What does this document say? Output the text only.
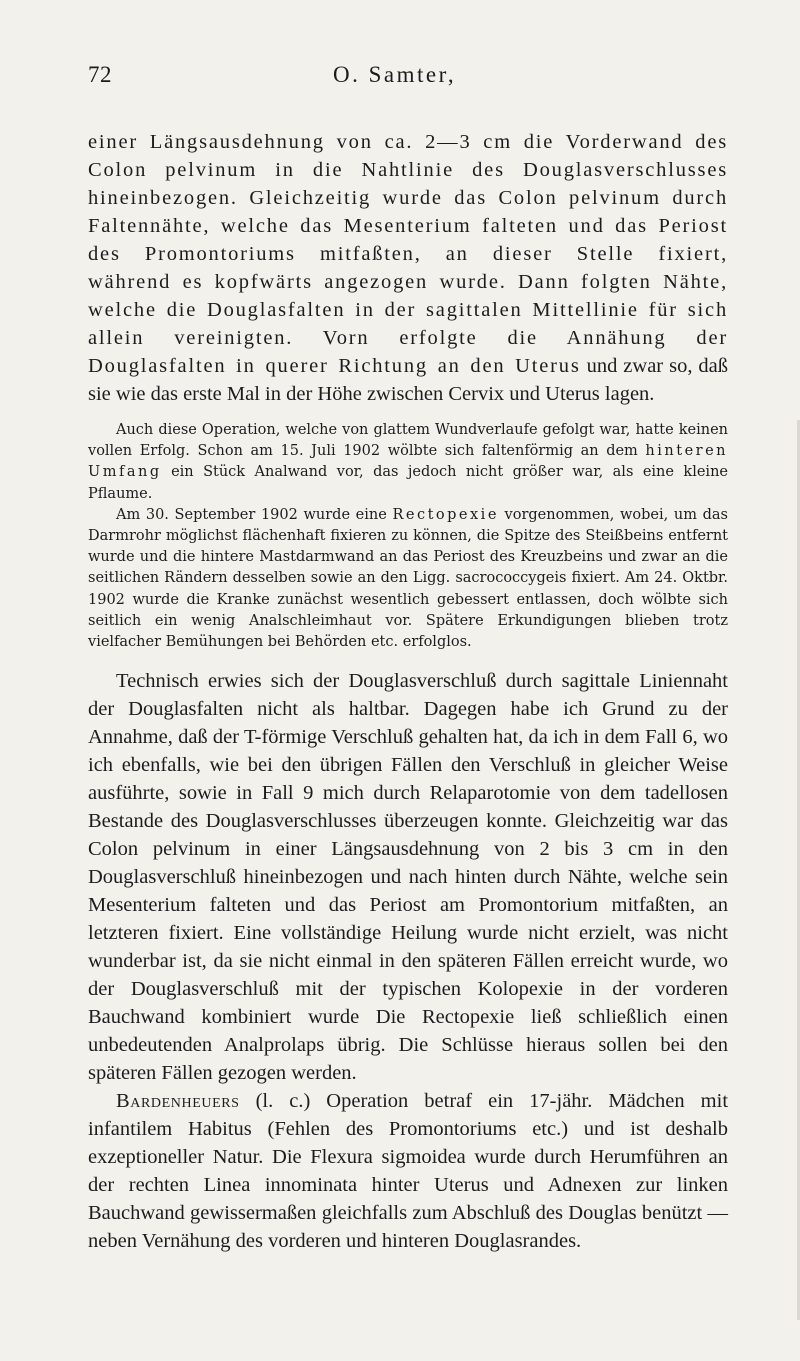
72	O. Samter,

einer Längsausdehnung von ca. 2—3 cm die Vorderwand des Colon pelvinum in die Nahtlinie des Douglasverschlusses hineinbezogen. Gleichzeitig wurde das Colon pelvinum durch Faltennähte, welche das Mesenterium falteten und das Periost des Promontoriums mitfaßten, an dieser Stelle fixiert, während es kopfwärts angezogen wurde. Dann folgten Nähte, welche die Douglasfalten in der sagittalen Mittellinie für sich allein vereinigten. Vorn erfolgte die Annähung der Douglasfalten in querer Richtung an den Uterus und zwar so, daß sie wie das erste Mal in der Höhe zwischen Cervix und Uterus lagen.

Auch diese Operation, welche von glattem Wundverlaufe gefolgt war, hatte keinen vollen Erfolg. Schon am 15. Juli 1902 wölbte sich faltenförmig an dem hinteren Umfang ein Stück Analwand vor, das jedoch nicht größer war, als eine kleine Pflaume.

Am 30. September 1902 wurde eine Rectopexie vorgenommen, wobei, um das Darmrohr möglichst flächenhaft fixieren zu können, die Spitze des Steißbeins entfernt wurde und die hintere Mastdarmwand an das Periost des Kreuzbeins und zwar an die seitlichen Rändern desselben sowie an den Ligg. sacrococcygeis fixiert. Am 24. Oktbr. 1902 wurde die Kranke zunächst wesentlich gebessert entlassen, doch wölbte sich seitlich ein wenig Analschleimhaut vor. Spätere Erkundigungen blieben trotz vielfacher Bemühungen bei Behörden etc. erfolglos.

Technisch erwies sich der Douglasverschluß durch sagittale Liniennaht der Douglasfalten nicht als haltbar. Dagegen habe ich Grund zu der Annahme, daß der T-förmige Verschluß gehalten hat, da ich in dem Fall 6, wo ich ebenfalls, wie bei den übrigen Fällen den Verschluß in gleicher Weise ausführte, sowie in Fall 9 mich durch Relaparotomie von dem tadellosen Bestande des Douglasverschlusses überzeugen konnte. Gleichzeitig war das Colon pelvinum in einer Längsausdehnung von 2 bis 3 cm in den Douglasverschluß hineinbezogen und nach hinten durch Nähte, welche sein Mesenterium falteten und das Periost am Promontorium mitfaßten, an letzteren fixiert. Eine vollständige Heilung wurde nicht erzielt, was nicht wunderbar ist, da sie nicht einmal in den späteren Fällen erreicht wurde, wo der Douglasverschluß mit der typischen Kolopexie in der vorderen Bauchwand kombiniert wurde Die Rectopexie ließ schließlich einen unbedeutenden Analprolaps übrig. Die Schlüsse hieraus sollen bei den späteren Fällen gezogen werden.

Bardenheuers (l. c.) Operation betraf ein 17-jähr. Mädchen mit infantilem Habitus (Fehlen des Promontoriums etc.) und ist deshalb exzeptioneller Natur. Die Flexura sigmoidea wurde durch Herumführen an der rechten Linea innominata hinter Uterus und Adnexen zur linken Bauchwand gewissermaßen gleichfalls zum Abschluß des Douglas benützt — neben Vernähung des vorderen und hinteren Douglasrandes.
